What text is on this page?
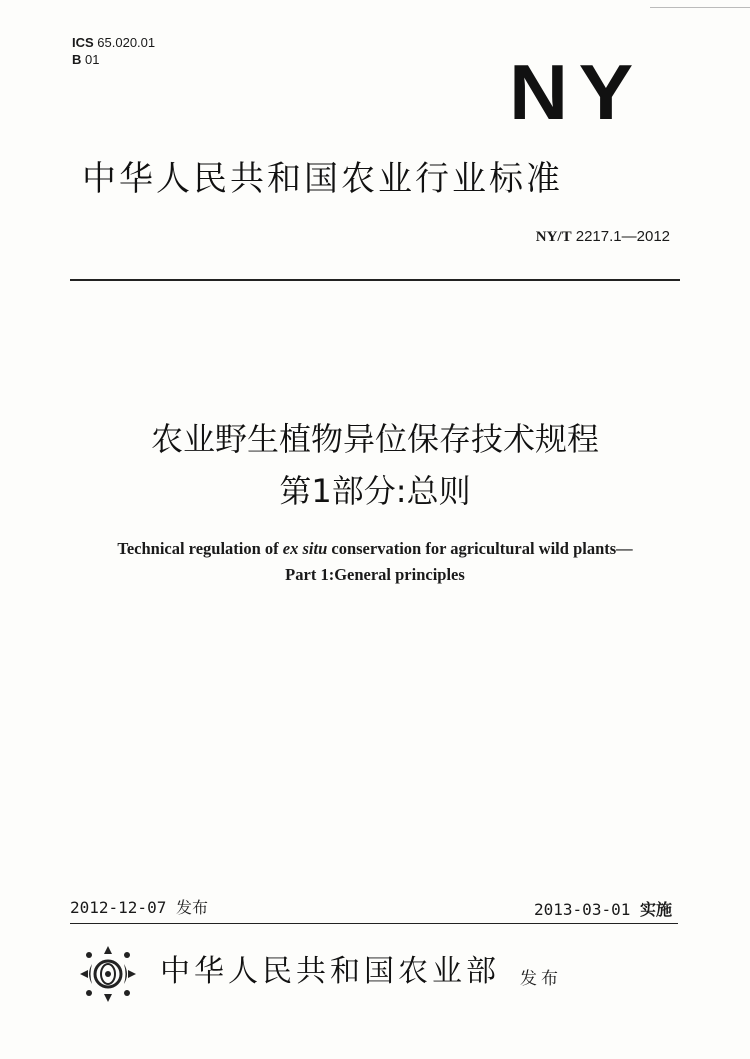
ICS 65.020.01
B 01	NY
中华人民共和国农业行业标准
NY/T 2217.1—2012
农业野生植物异位保存技术规程
第1部分:总则
Technical regulation of ex situ conservation for agricultural wild plants—
Part 1:General principles
2012-12-07 发布	2013-03-01 实施
中华人民共和国农业部 发布
